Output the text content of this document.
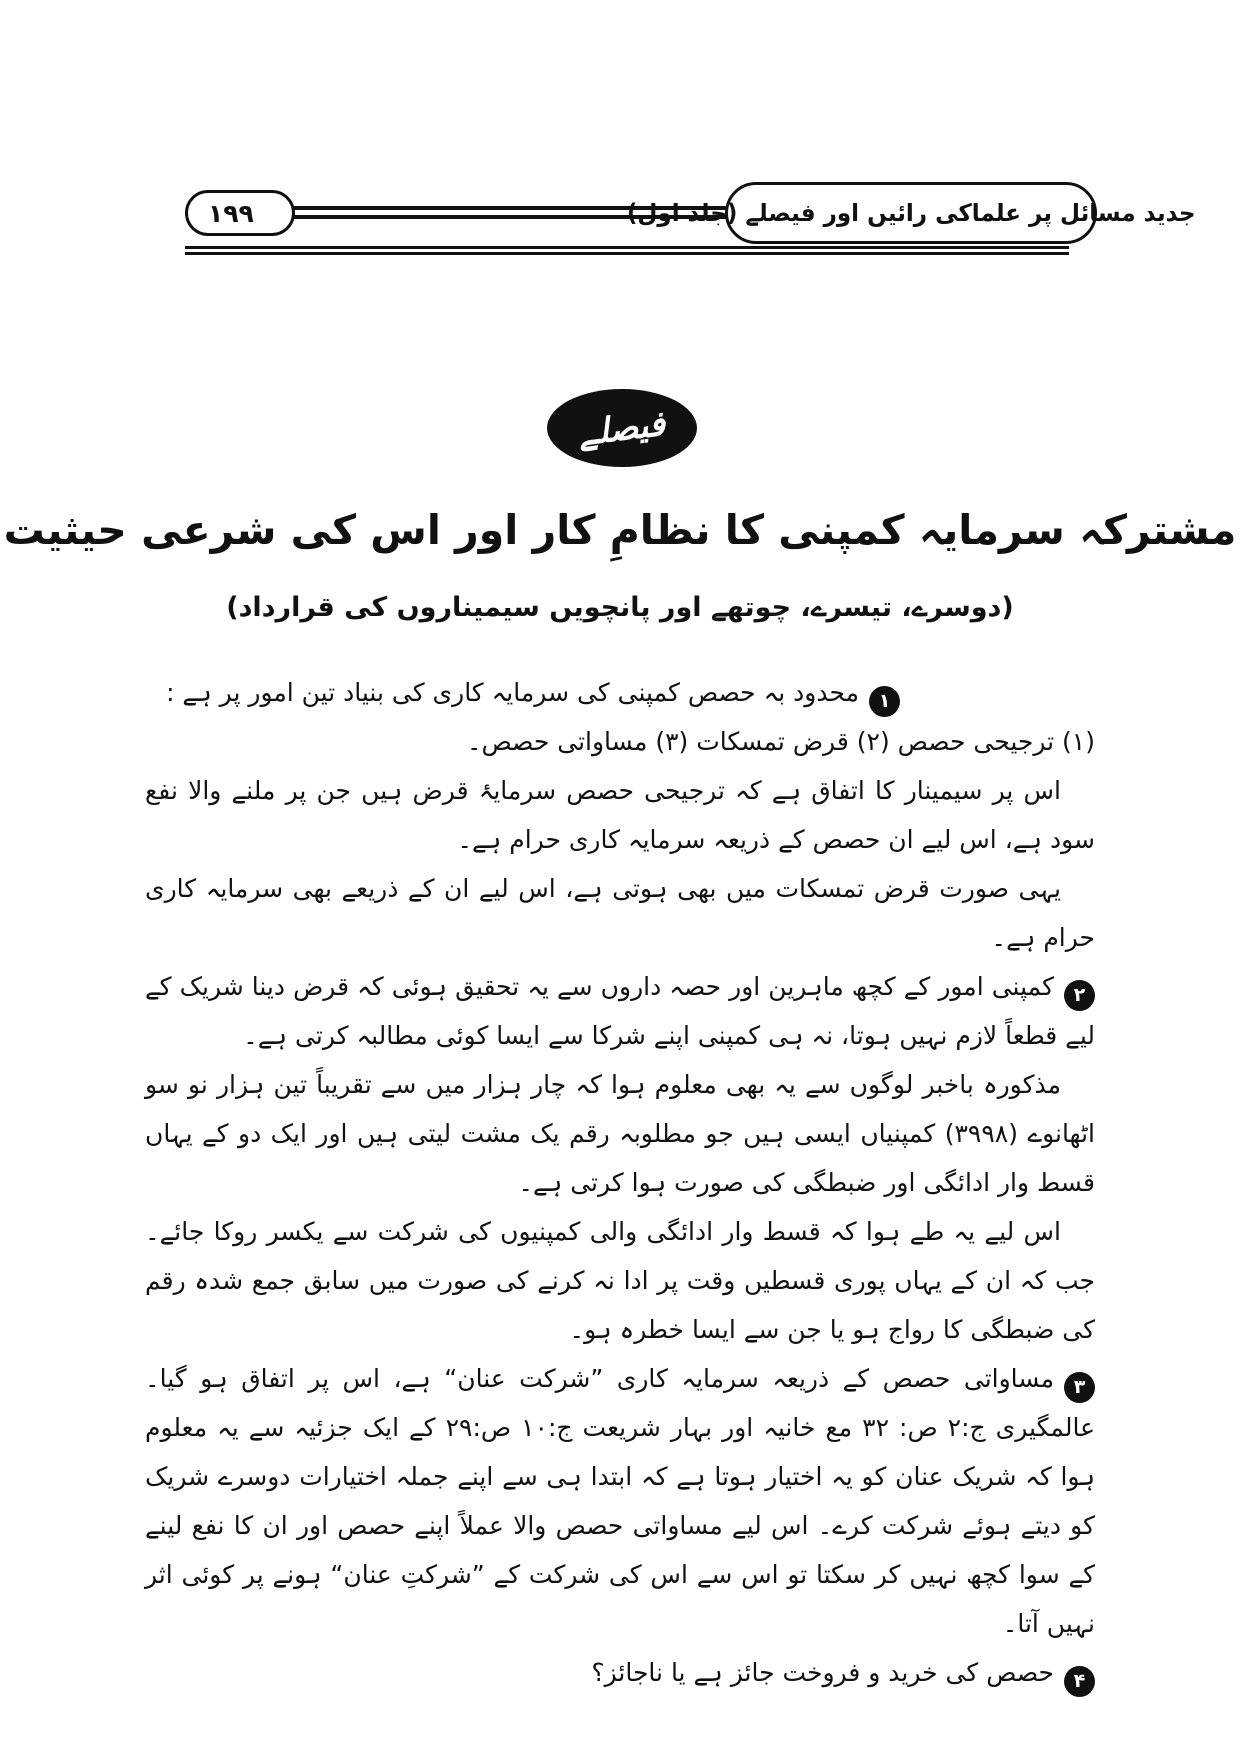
۱۹۹	جدید مسائل پر علماکی رائیں اور فیصلے (جلد اول)
فیصلے
مشترکہ سرمایہ کمپنی کا نظامِ کار اور اس کی شرعی حیثیت
(دوسرے، تیسرے، چوتھے اور پانچویں سیمیناروں کی قرارداد)

۱محدود بہ حصص کمپنی کی سرمایہ کاری کی بنیاد تین امور پر ہے :

(۱) ترجیحی حصص (۲) قرض تمسکات (۳) مساواتی حصص۔

اس پر سیمینار کا اتفاق ہے کہ ترجیحی حصص سرمایۂ قرض ہیں جن پر ملنے والا نفع سود ہے، اس لیے ان حصص کے ذریعہ سرمایہ کاری حرام ہے۔

یہی صورت قرض تمسکات میں بھی ہوتی ہے، اس لیے ان کے ذریعے بھی سرمایہ کاری حرام ہے۔

۲کمپنی امور کے کچھ ماہرین اور حصہ داروں سے یہ تحقیق ہوئی کہ قرض دینا شریک کے لیے قطعاً لازم نہیں ہوتا، نہ ہی کمپنی اپنے شرکا سے ایسا کوئی مطالبہ کرتی ہے۔

مذکورہ باخبر لوگوں سے یہ بھی معلوم ہوا کہ چار ہزار میں سے تقریباً تین ہزار نو سو اٹھانوے (۳۹۹۸) کمپنیاں ایسی ہیں جو مطلوبہ رقم یک مشت لیتی ہیں اور ایک دو کے یہاں قسط وار ادائگی اور ضبطگی کی صورت ہوا کرتی ہے۔

اس لیے یہ طے ہوا کہ قسط وار ادائگی والی کمپنیوں کی شرکت سے یکسر روکا جائے۔ جب کہ ان کے یہاں پوری قسطیں وقت پر ادا نہ کرنے کی صورت میں سابق جمع شدہ رقم کی ضبطگی کا رواج ہو یا جن سے ایسا خطرہ ہو۔

۳مساواتی حصص کے ذریعہ سرمایہ کاری ”شرکت عنان“ ہے، اس پر اتفاق ہو گیا۔ عالمگیری ج:۲ ص: ۳۲ مع خانیہ اور بہار شریعت ج:۱۰ ص:۲۹ کے ایک جزئیہ سے یہ معلوم ہوا کہ شریک عنان کو یہ اختیار ہوتا ہے کہ ابتدا ہی سے اپنے جملہ اختیارات دوسرے شریک کو دیتے ہوئے شرکت کرے۔ اس لیے مساواتی حصص والا عملاً اپنے حصص اور ان کا نفع لینے کے سوا کچھ نہیں کر سکتا تو اس سے اس کی شرکت کے ”شرکتِ عنان“ ہونے پر کوئی اثر نہیں آتا۔

۴حصص کی خرید و فروخت جائز ہے یا ناجائز؟
